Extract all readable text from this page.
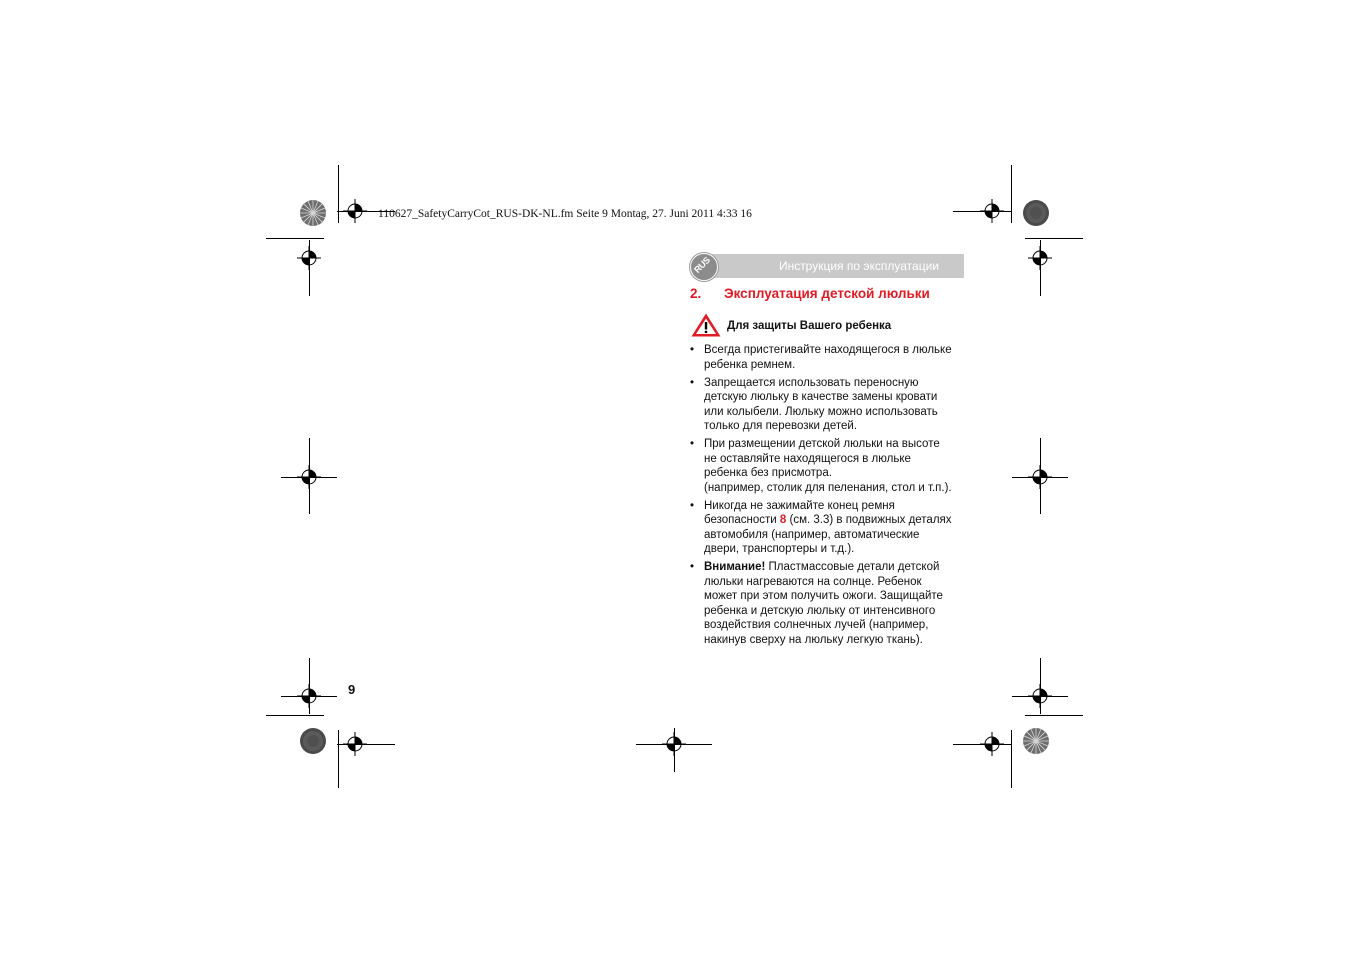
110627_SafetyCarryCot_RUS-DK-NL.fm Seite 9 Montag, 27. Juni 2011 4:33 16
Инструкция по эксплуатации
RUS
2. Эксплуатация детской люльки
Для защиты Вашего ребенка
• Всегда пристегивайте находящегося в люльке
ребенка ремнем.
• Запрещается использовать переносную
детскую люльку в качестве замены кровати
или колыбели. Люльку можно использовать
только для перевозки детей.
• При размещении детской люльки на высоте
не оставляйте находящегося в люльке
ребенка без присмотра.
(например, столик для пеленания, стол и т.п.).
• Никогда не зажимайте конец ремня
безопасности 8 (см. 3.3) в подвижных деталях
автомобиля (например, автоматические
двери, транспортеры и т.д.).
• Внимание! Пластмассовые детали детской
люльки нагреваются на солнце. Ребенок
может при этом получить ожоги. Защищайте
ребенка и детскую люльку от интенсивного
воздействия солнечных лучей (например,
накинув сверху на люльку легкую ткань).
9
